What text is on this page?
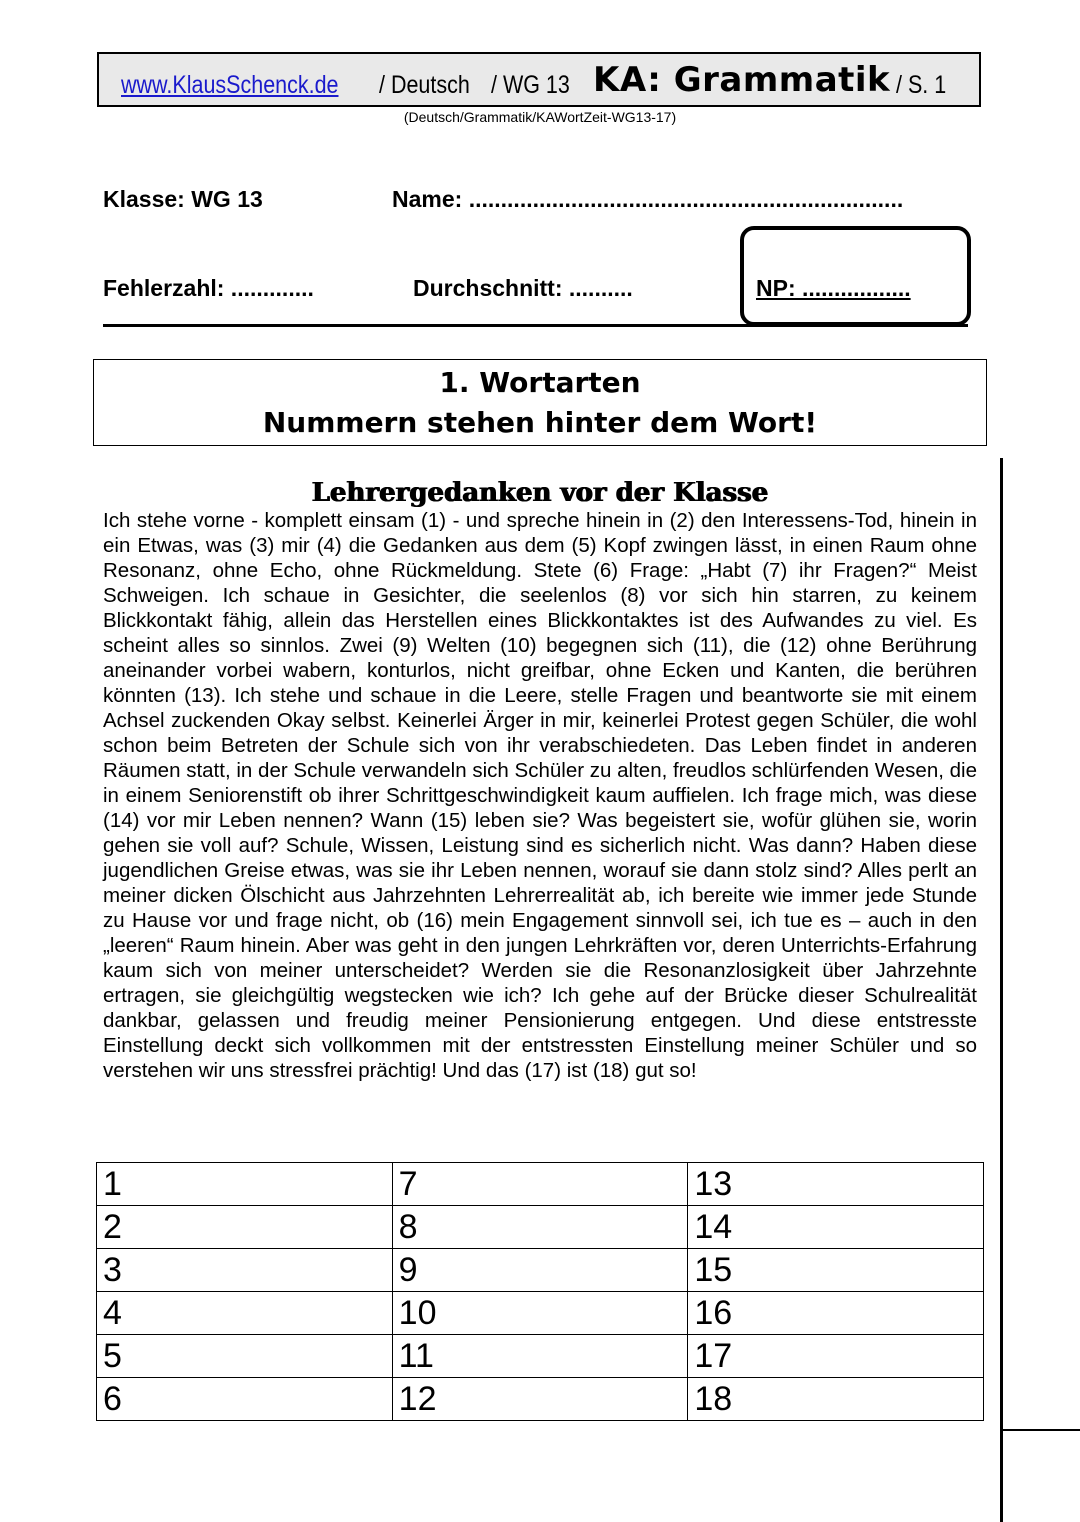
www.KlausSchenck.de / Deutsch / WG 13 KA: Grammatik / S. 1
(Deutsch/Grammatik/KAWortZeit-WG13-17)
Klasse: WG 13	Name: ....................................................................
Fehlerzahl: .............	Durchschnitt: ..........	NP: .................
1. Wortarten
Nummern stehen hinter dem Wort!
Lehrergedanken vor der Klasse
Ich stehe vorne - komplett einsam (1) - und spreche hinein in (2) den Interessens-Tod, hinein in ein Etwas, was (3) mir (4) die Gedanken aus dem (5) Kopf zwingen lässt, in einen Raum ohne Resonanz, ohne Echo, ohne Rückmeldung. Stete (6) Frage: „Habt (7) ihr Fragen?“ Meist Schweigen. Ich schaue in Gesichter, die seelenlos (8) vor sich hin starren, zu keinem Blickkontakt fähig, allein das Herstellen eines Blickkontaktes ist des Aufwandes zu viel. Es scheint alles so sinnlos. Zwei (9) Welten (10) begegnen sich (11), die (12) ohne Berührung aneinander vorbei wabern, konturlos, nicht greifbar, ohne Ecken und Kanten, die berühren könnten (13). Ich stehe und schaue in die Leere, stelle Fragen und beantworte sie mit einem Achsel zuckenden Okay selbst. Keinerlei Ärger in mir, keinerlei Protest gegen Schüler, die wohl schon beim Betreten der Schule sich von ihr verabschiedeten. Das Leben findet in anderen Räumen statt, in der Schule verwandeln sich Schüler zu alten, freudlos schlürfenden Wesen, die in einem Seniorenstift ob ihrer Schrittgeschwindigkeit kaum auffielen. Ich frage mich, was diese (14) vor mir Leben nennen? Wann (15) leben sie? Was begeistert sie, wofür glühen sie, worin gehen sie voll auf? Schule, Wissen, Leistung sind es sicherlich nicht. Was dann? Haben diese jugendlichen Greise etwas, was sie ihr Leben nennen, worauf sie dann stolz sind? Alles perlt an meiner dicken Ölschicht aus Jahrzehnten Lehrerrealität ab, ich bereite wie immer jede Stunde zu Hause vor und frage nicht, ob (16) mein Engagement sinnvoll sei, ich tue es – auch in den „leeren“ Raum hinein. Aber was geht in den jungen Lehrkräften vor, deren Unterrichts-Erfahrung kaum sich von meiner unterscheidet? Werden sie die Resonanzlosigkeit über Jahrzehnte ertragen, sie gleichgültig wegstecken wie ich? Ich gehe auf der Brücke dieser Schulrealität dankbar, gelassen und freudig meiner Pensionierung entgegen. Und diese entstresste Einstellung deckt sich vollkommen mit der entstressten Einstellung meiner Schüler und so verstehen wir uns stressfrei prächtig! Und das (17) ist (18) gut so!
1	7	13
2	8	14
3	9	15
4	10	16
5	11	17
6	12	18
